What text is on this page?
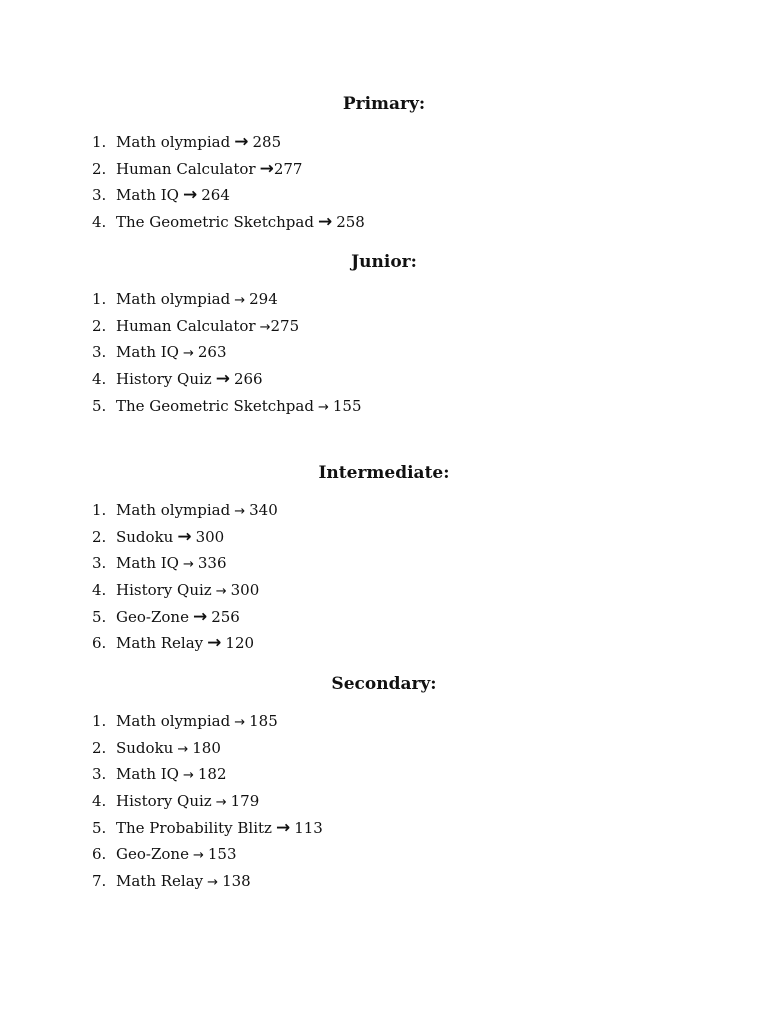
Primary:
1. Math olympiad → 285
2. Human Calculator →277
3. Math IQ → 264
4. The Geometric Sketchpad → 258
Junior:
1. Math olympiad → 294
2. Human Calculator →275
3. Math IQ → 263
4. History Quiz → 266
5. The Geometric Sketchpad → 155
Intermediate:
1. Math olympiad → 340
2. Sudoku → 300
3. Math IQ → 336
4. History Quiz → 300
5. Geo-Zone → 256
6. Math Relay → 120
Secondary:
1. Math olympiad → 185
2. Sudoku → 180
3. Math IQ → 182
4. History Quiz → 179
5. The Probability Blitz → 113
6. Geo-Zone → 153
7. Math Relay → 138
